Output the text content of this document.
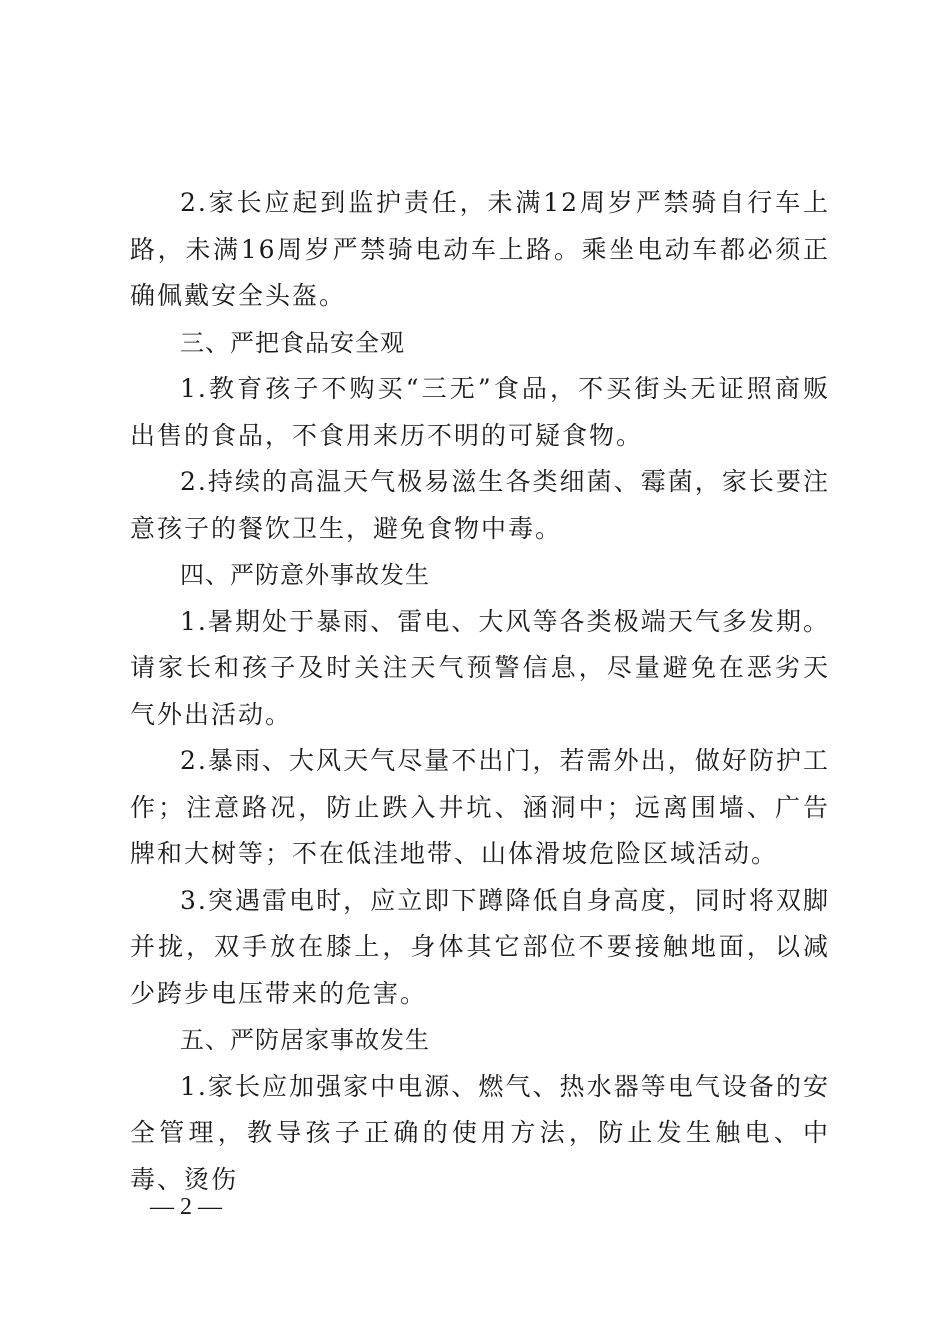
2.家长应起到监护责任，未满12周岁严禁骑自行车上路，未满16周岁严禁骑电动车上路。乘坐电动车都必须正确佩戴安全头盔。

三、严把食品安全观

1.教育孩子不购买“三无”食品，不买街头无证照商贩出售的食品，不食用来历不明的可疑食物。

2.持续的高温天气极易滋生各类细菌、霉菌，家长要注意孩子的餐饮卫生，避免食物中毒。

四、严防意外事故发生

1.暑期处于暴雨、雷电、大风等各类极端天气多发期。请家长和孩子及时关注天气预警信息，尽量避免在恶劣天气外出活动。

2.暴雨、大风天气尽量不出门，若需外出，做好防护工作；注意路况，防止跌入井坑、涵洞中；远离围墙、广告牌和大树等；不在低洼地带、山体滑坡危险区域活动。

3.突遇雷电时，应立即下蹲降低自身高度，同时将双脚并拢，双手放在膝上，身体其它部位不要接触地面，以减少跨步电压带来的危害。

五、严防居家事故发生

1.家长应加强家中电源、燃气、热水器等电气设备的安全管理，教导孩子正确的使用方法，防止发生触电、中毒、烫伤

— 2 —
